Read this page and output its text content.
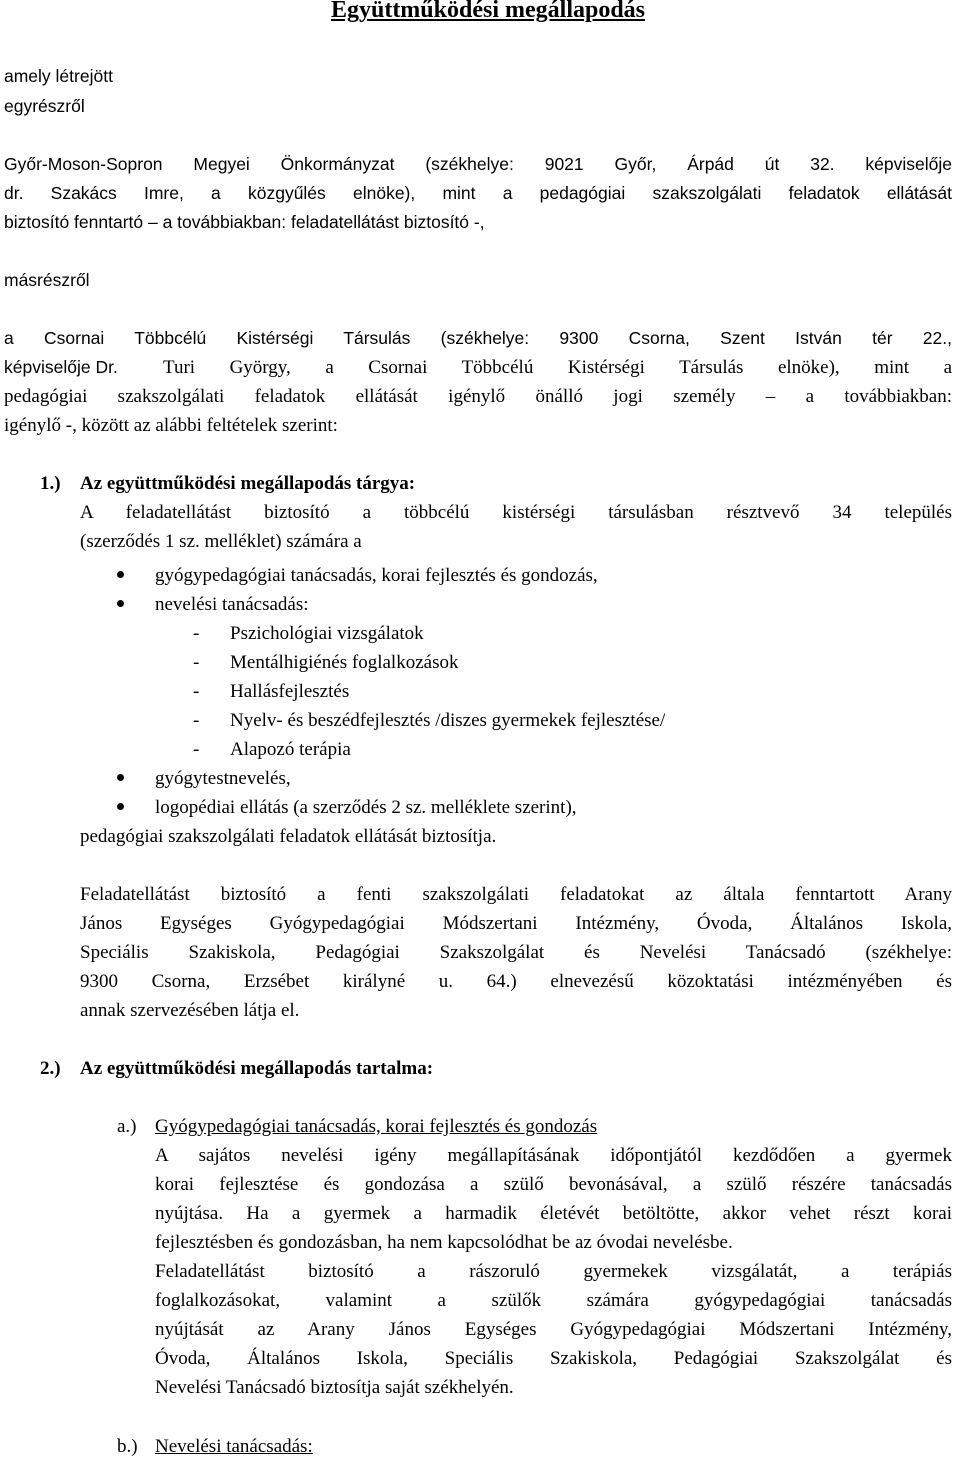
Együttműködési megállapodás
amely létrejött
egyrészről
Győr-Moson-Sopron Megyei Önkormányzat (székhelye: 9021 Győr, Árpád út 32. képviselője
dr. Szakács Imre, a közgyűlés elnöke), mint a pedagógiai szakszolgálati feladatok ellátását
biztosító fenntartó – a továbbiakban: feladatellátást biztosító -,
másrészről
a Csornai Többcélú Kistérségi Társulás (székhelye: 9300 Csorna, Szent István tér 22.,
képviselője Dr. Turi György, a Csornai Többcélú Kistérségi Társulás elnöke), mint a
pedagógiai szakszolgálati feladatok ellátását igénylő önálló jogi személy – a továbbiakban:
igénylő -, között az alábbi feltételek szerint:
1.) Az együttműködési megállapodás tárgya:
A feladatellátást biztosító a többcélú kistérségi társulásban résztvevő 34 település
(szerződés 1 sz. melléklet) számára a
gyógypedagógiai tanácsadás, korai fejlesztés és gondozás,
nevelési tanácsadás:
- Pszichológiai vizsgálatok
- Mentálhigiénés foglalkozások
- Hallásfejlesztés
- Nyelv- és beszédfejlesztés /diszes gyermekek fejlesztése/
- Alapozó terápia
gyógytestnevelés,
logopédiai ellátás (a szerződés 2 sz. melléklete szerint),
pedagógiai szakszolgálati feladatok ellátását biztosítja.
Feladatellátást biztosító a fenti szakszolgálati feladatokat az általa fenntartott Arany
János Egységes Gyógypedagógiai Módszertani Intézmény, Óvoda, Általános Iskola,
Speciális Szakiskola, Pedagógiai Szakszolgálat és Nevelési Tanácsadó (székhelye:
9300 Csorna, Erzsébet királyné u. 64.) elnevezésű közoktatási intézményében és
annak szervezésében látja el.
2.) Az együttműködési megállapodás tartalma:
a.) Gyógypedagógiai tanácsadás, korai fejlesztés és gondozás
A sajátos nevelési igény megállapításának időpontjától kezdődően a gyermek
korai fejlesztése és gondozása a szülő bevonásával, a szülő részére tanácsadás
nyújtása. Ha a gyermek a harmadik életévét betöltötte, akkor vehet részt korai
fejlesztésben és gondozásban, ha nem kapcsolódhat be az óvodai nevelésbe.
Feladatellátást biztosító a rászoruló gyermekek vizsgálatát, a terápiás
foglalkozásokat, valamint a szülők számára gyógypedagógiai tanácsadás
nyújtását az Arany János Egységes Gyógypedagógiai Módszertani Intézmény,
Óvoda, Általános Iskola, Speciális Szakiskola, Pedagógiai Szakszolgálat és
Nevelési Tanácsadó biztosítja saját székhelyén.
b.) Nevelési tanácsadás:
